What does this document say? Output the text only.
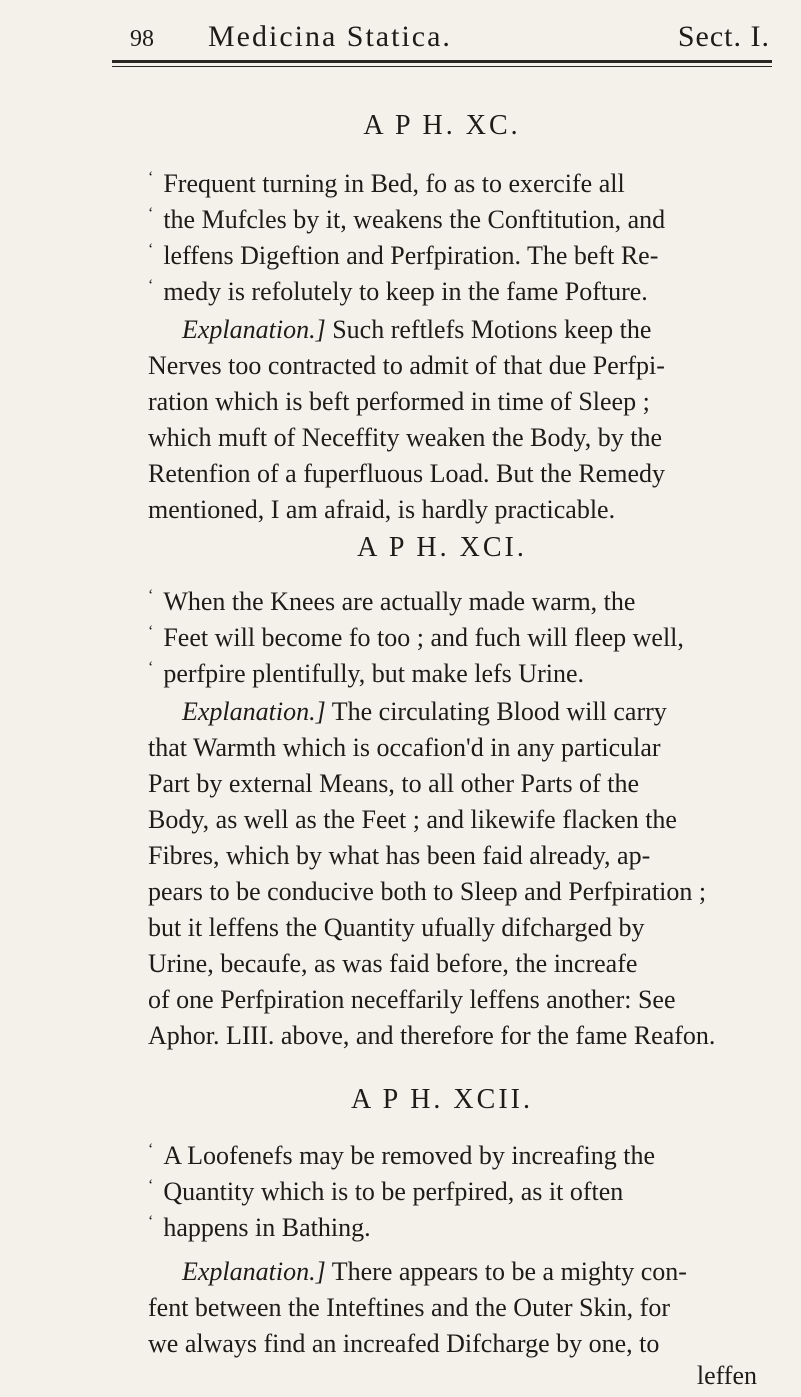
98 Medicina Statica.	Sect. I.
A P H. XC.
‘ Frequent turning in Bed, fo as to exercife all
‘ the Mufcles by it, weakens the Conftitution, and
‘ leffens Digeftion and Perfpiration. The beft Re-
‘ medy is refolutely to keep in the fame Pofture.
Explanation.] Such reftlefs Motions keep the
Nerves too contracted to admit of that due Perfpi-
ration which is beft performed in time of Sleep ;
which muft of Neceffity weaken the Body, by the
Retenfion of a fuperfluous Load. But the Remedy
mentioned, I am afraid, is hardly practicable.
A P H. XCI.
‘ When the Knees are actually made warm, the
‘ Feet will become fo too ; and fuch will fleep well,
‘ perfpire plentifully, but make lefs Urine.
Explanation.] The circulating Blood will carry
that Warmth which is occafion'd in any particular
Part by external Means, to all other Parts of the
Body, as well as the Feet ; and likewife flacken the
Fibres, which by what has been faid already, ap-
pears to be conducive both to Sleep and Perfpiration ;
but it leffens the Quantity ufually difcharged by
Urine, becaufe, as was faid before, the increafe
of one Perfpiration neceffarily leffens another: See
Aphor. LIII. above, and therefore for the fame Reafon.
A P H. XCII.
‘ A Loofenefs may be removed by increafing the
‘ Quantity which is to be perfpired, as it often
‘ happens in Bathing.
Explanation.] There appears to be a mighty con-
fent between the Inteftines and the Outer Skin, for
we always find an increafed Difcharge by one, to
leffen
